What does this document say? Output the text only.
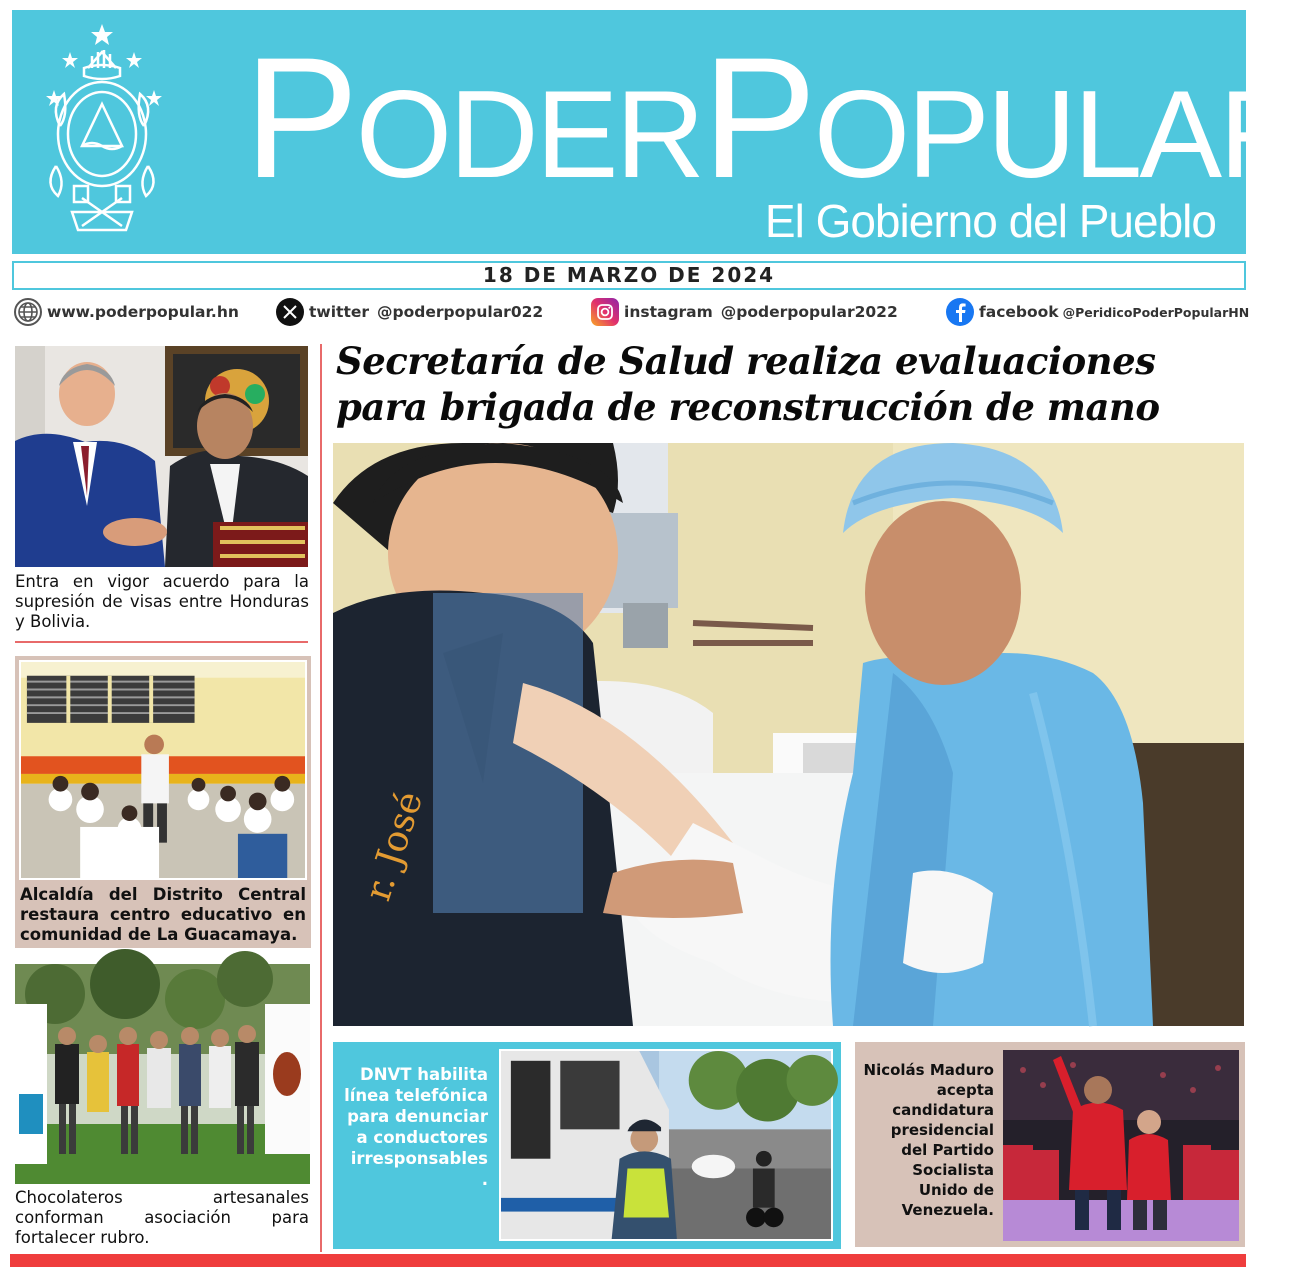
PODERPOPULAR
El Gobierno del Pueblo
18 DE MARZO DE 2024
www.poderpopular.hn	twitter @poderpopular022	instagram @poderpopular2022	facebook @PeridicoPoderPopularHN
Entra en vigor acuerdo para la supresión de visas entre Honduras y Bolivia.
Alcaldía del Distrito Central restaura centro educativo en comunidad de La Guacamaya.
Chocolateros artesanales conforman asociación para fortalecer rubro.
Secretaría de Salud realiza evaluaciones
para brigada de reconstrucción de mano
r. José
DNVT habilita línea telefónica para denunciar a conductores irresponsables
.
Nicolás Maduro acepta candidatura presidencial del Partido Socialista Unido de Venezuela.
